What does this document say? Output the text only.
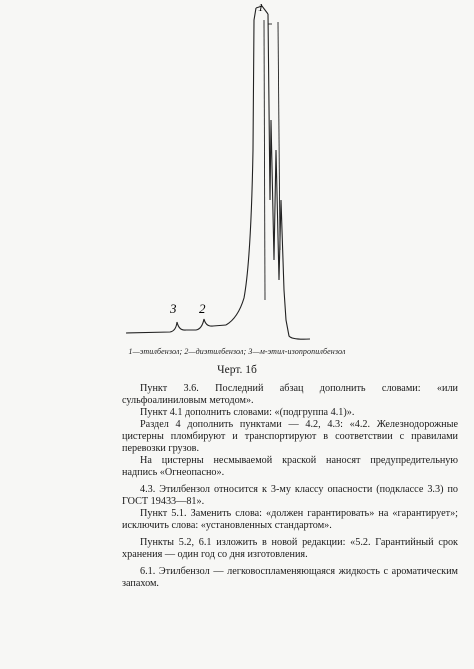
1
2
3
1—этилбензол; 2—диэтилбензол; 3—м-этил-изопропилбензол
Черт. 1б

Пункт 3.6. Последний абзац дополнить словами: «или сульфоалиниловым методом».

Пункт 4.1 дополнить словами: «(подгруппа 4.1)».

Раздел 4 дополнить пунктами — 4.2, 4.3: «4.2. Железнодорожные цистерны пломбируют и транспортируют в соответствии с правилами перевозки грузов.

На цистерны несмываемой краской наносят предупредительную надпись «Огнеопасно».

4.3. Этилбензол относится к 3-му классу опасности (подклассе 3.3) по ГОСТ 19433—81».

Пункт 5.1. Заменить слова: «должен гарантировать» на «гарантирует»; исключить слова: «установленных стандартом».

Пункты 5.2, 6.1 изложить в новой редакции: «5.2. Гарантийный срок хранения — один год со дня изготовления.

6.1. Этилбензол — легковоспламеняющаяся жидкость с ароматическим запахом.
